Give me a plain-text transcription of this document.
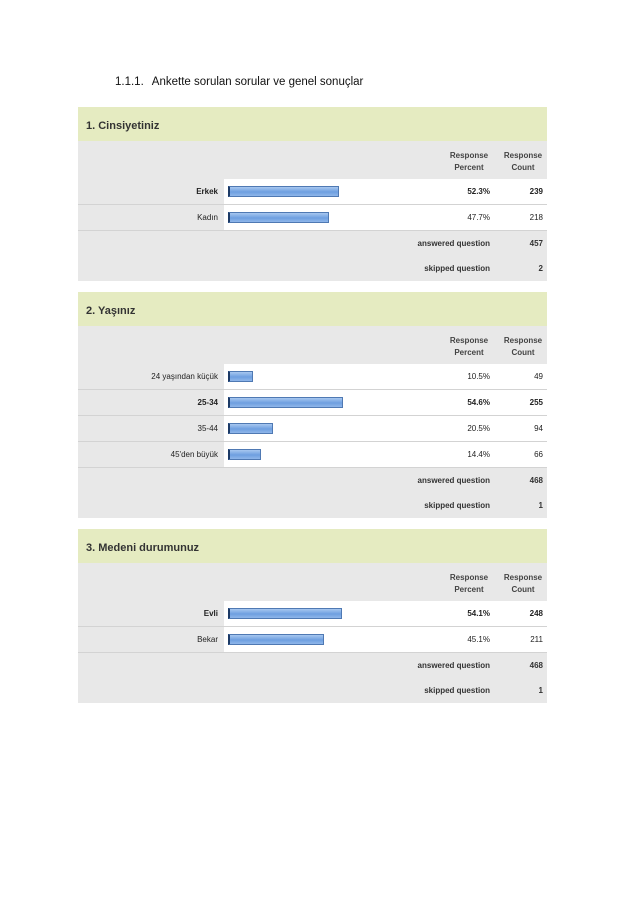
1.1.1. Ankette sorulan sorular ve genel sonuçlar
1. Cinsiyetiniz
Response
Percent
Response
Count
Erkek	52.3%	239
Kadın	47.7%	218
answered question	457
skipped question	2
2. Yaşınız
Response
Percent
Response
Count
24 yaşından küçük	10.5%	49
25-34	54.6%	255
35-44	20.5%	94
45'den büyük	14.4%	66
answered question	468
skipped question	1
3. Medeni durumunuz
Response
Percent
Response
Count
Evli	54.1%	248
Bekar	45.1%	211
answered question	468
skipped question	1
